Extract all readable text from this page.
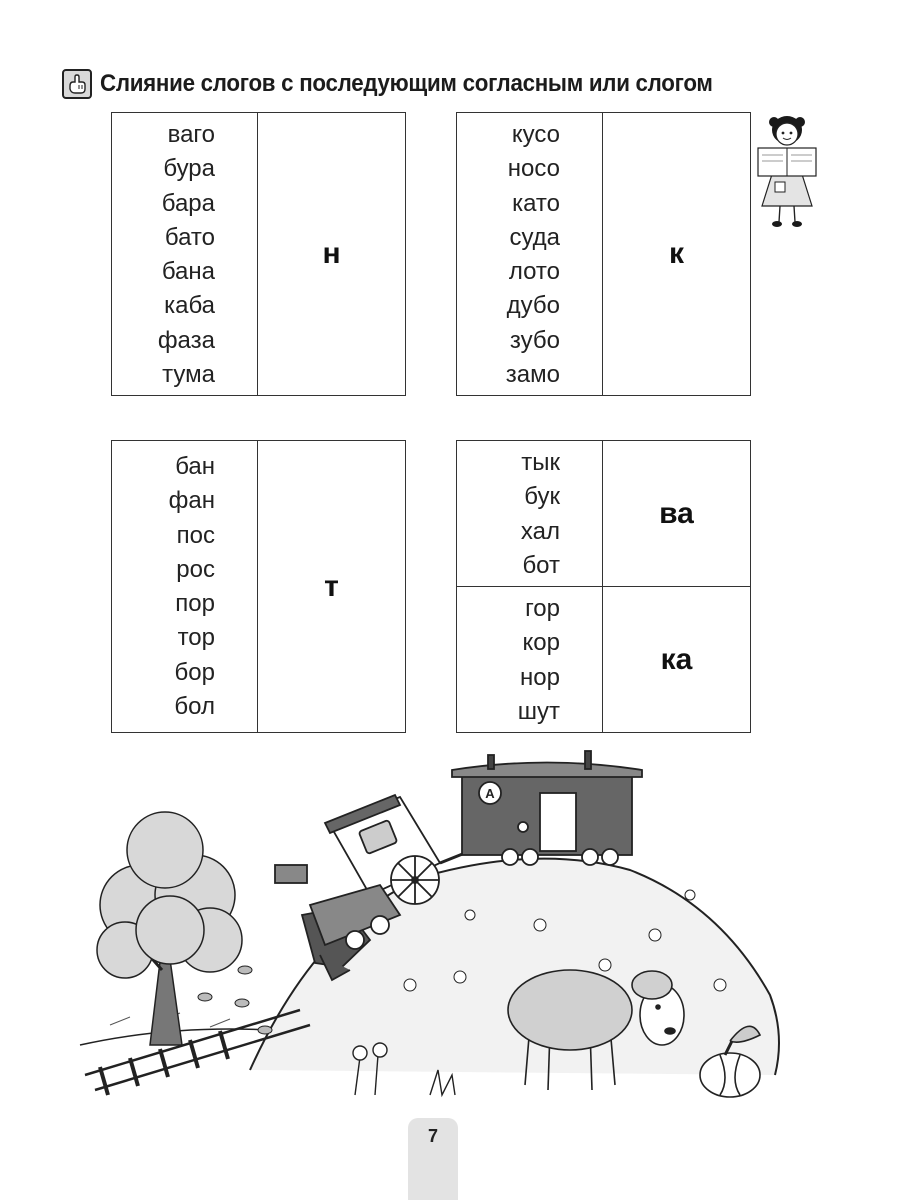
Слияние слогов с последующим согласным или слогом
ваго
бура
бара
бато
бана
каба
фаза
тума
н
кусо
носо
като
суда
лото
дубо
зубо
замо
к
бан
фан
пос
рос
пор
тор
бор
бол
т
тык
бук
хал
бот
ва
гор
кор
нор
шут
ка
А
7
